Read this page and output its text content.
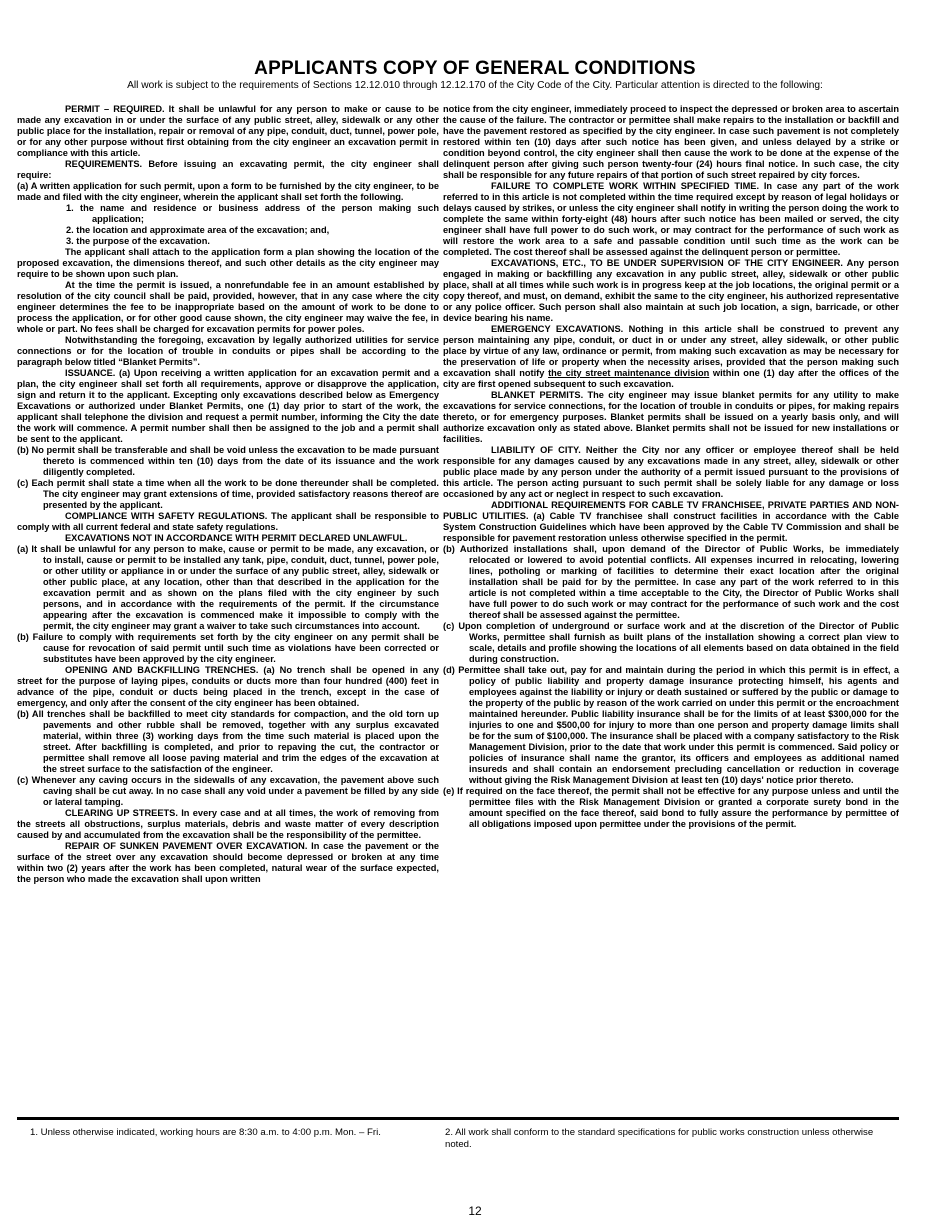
APPLICANTS COPY OF GENERAL CONDITIONS

All work is subject to the requirements of Sections 12.12.010 through 12.12.170 of the City Code of the City. Particular attention is directed to the following:

PERMIT – REQUIRED. It shall be unlawful for any person to make or cause to be made any excavation in or under the surface of any public street, alley, sidewalk or any other public place for the installation, repair or removal of any pipe, conduit, duct, tunnel, power pole, or for any other purpose without first obtaining from the city engineer an excavation permit in compliance with this article.

REQUIREMENTS. Before issuing an excavating permit, the city engineer shall require:

(a) A written application for such permit, upon a form to be furnished by the city engineer, to be made and filed with the city engineer, wherein the applicant shall set forth the following.

1. the name and residence or business address of the person making such application;

2. the location and approximate area of the excavation; and,

3. the purpose of the excavation.

The applicant shall attach to the application form a plan showing the location of the proposed excavation, the dimensions thereof, and such other details as the city engineer may require to be shown upon such plan.

At the time the permit is issued, a nonrefundable fee in an amount established by resolution of the city council shall be paid, provided, however, that in any case where the city engineer determines the fee to be inappropriate based on the amount of work to be done to process the application, or for other good cause shown, the city engineer may waive the fee, in whole or part. No fees shall be charged for excavation permits for power poles.

Notwithstanding the foregoing, excavation by legally authorized utilities for service connections or for the location of trouble in conduits or pipes shall be according to the paragraph below titled “Blanket Permits”.

ISSUANCE. (a) Upon receiving a written application for an excavation permit and a plan, the city engineer shall set forth all requirements, approve or disapprove the application, sign and return it to the applicant. Excepting only excavations described below as Emergency Excavations or authorized under Blanket Permits, one (1) day prior to start of the work, the applicant shall telephone the division and request a permit number, informing the City the date the work will commence. A permit number shall then be assigned to the job and a permit shall be sent to the applicant.

(b) No permit shall be transferable and shall be void unless the excavation to be made pursuant thereto is commenced within ten (10) days from the date of its issuance and the work diligently completed.

(c) Each permit shall state a time when all the work to be done thereunder shall be completed. The city engineer may grant extensions of time, provided satisfactory reasons thereof are presented by the applicant.

COMPLIANCE WITH SAFETY REGULATIONS. The applicant shall be responsible to comply with all current federal and state safety regulations.

EXCAVATIONS NOT IN ACCORDANCE WITH PERMIT DECLARED UNLAWFUL.

(a) It shall be unlawful for any person to make, cause or permit to be made, any excavation, or to install, cause or permit to be installed any tank, pipe, conduit, duct, tunnel, power pole, or other utility or appliance in or under the surface of any public street, alley, sidewalk or other public place, at any location, other than that described in the application for the excavation permit and as shown on the plans filed with the city engineer by such persons, and in accordance with the requirements of the permit. If the circumstance appearing after the excavation is commenced make it impossible to comply with the permit, the city engineer may grant a waiver to take such circumstances into account.

(b) Failure to comply with requirements set forth by the city engineer on any permit shall be cause for revocation of said permit until such time as violations have been corrected or substitutes have been approved by the city engineer.

OPENING AND BACKFILLING TRENCHES. (a) No trench shall be opened in any street for the purpose of laying pipes, conduits or ducts more than four hundred (400) feet in advance of the pipe, conduit or ducts being placed in the trench, except in the case of emergency, and only after the consent of the city engineer has been obtained.

(b) All trenches shall be backfilled to meet city standards for compaction, and the old torn up pavements and other rubble shall be removed, together with any surplus excavated material, within three (3) working days from the time such material is placed upon the street. After backfilling is completed, and prior to repaving the cut, the contractor or permittee shall remove all loose paving material and trim the edges of the excavation at the street surface to the satisfaction of the engineer.

(c) Whenever any caving occurs in the sidewalls of any excavation, the pavement above such caving shall be cut away. In no case shall any void under a pavement be filled by any side or lateral tamping.

CLEARING UP STREETS. In every case and at all times, the work of removing from the streets all obstructions, surplus materials, debris and waste matter of every description caused by and accumulated from the excavation shall be the responsibility of the permittee.

REPAIR OF SUNKEN PAVEMENT OVER EXCAVATION. In case the pavement or the surface of the street over any excavation should become depressed or broken at any time within two (2) years after the work has been completed, natural wear of the surface expected, the person who made the excavation shall upon written

notice from the city engineer, immediately proceed to inspect the depressed or broken area to ascertain the cause of the failure. The contractor or permittee shall make repairs to the installation or backfill and have the pavement restored as specified by the city engineer. In case such pavement is not completely restored within ten (10) days after such notice has been given, and unless delayed by a strike or condition beyond control, the city engineer shall then cause the work to be done at the expense of the delinquent person after giving such person twenty-four (24) hours final notice. In such case, the city shall be responsible for any future repairs of that portion of such street repaired by city forces.

FAILURE TO COMPLETE WORK WITHIN SPECIFIED TIME. In case any part of the work referred to in this article is not completed within the time required except by reason of legal holidays or delays caused by strikes, or unless the city engineer shall notify in writing the person doing the work to complete the same within forty-eight (48) hours after such notice has been mailed or served, the city engineer shall have full power to do such work, or may contract for the performance of such work as will restore the work area to a safe and passable condition until such time as the work can be completed. The cost thereof shall be assessed against the delinquent person or permittee.

EXCAVATIONS, ETC., TO BE UNDER SUPERVISION OF THE CITY ENGINEER. Any person engaged in making or backfilling any excavation in any public street, alley, sidewalk or other public place, shall at all times while such work is in progress keep at the job locations, the original permit or a copy thereof, and must, on demand, exhibit the same to the city engineer, his authorized representative or any police officer. Such person shall also maintain at such job location, a sign, barricade, or other device bearing his name.

EMERGENCY EXCAVATIONS. Nothing in this article shall be construed to prevent any person maintaining any pipe, conduit, or duct in or under any street, alley sidewalk, or other public place by virtue of any law, ordinance or permit, from making such excavation as may be necessary for the preservation of life or property when the necessity arises, provided that the person making such excavation shall notify the city street maintenance division within one (1) day after the offices of the city are first opened subsequent to such excavation.

BLANKET PERMITS. The city engineer may issue blanket permits for any utility to make excavations for service connections, for the location of trouble in conduits or pipes, for making repairs thereto, or for emergency purposes. Blanket permits shall be issued on a yearly basis only, and will authorize excavation only as stated above. Blanket permits shall not be issued for new installations or facilities.

LIABILITY OF CITY. Neither the City nor any officer or employee thereof shall be held responsible for any damages caused by any excavations made in any street, alley, sidewalk or other public place made by any person under the authority of a permit issued pursuant to the provisions of this article. The person acting pursuant to such permit shall be solely liable for any damage or loss occasioned by any act or neglect in respect to such excavation.

ADDITIONAL REQUIREMENTS FOR CABLE TV FRANCHISEE, PRIVATE PARTIES AND NON-PUBLIC UTILITIES. (a) Cable TV franchisee shall construct facilities in accordance with the Cable System Construction Guidelines which have been approved by the Cable TV Commission and shall be responsible for pavement restoration unless otherwise specified in the permit.

(b) Authorized installations shall, upon demand of the Director of Public Works, be immediately relocated or lowered to avoid potential conflicts. All expenses incurred in relocating, lowering lines, potholing or marking of facilities to determine their exact location after the original installation shall be paid for by the permittee. In case any part of the work referred to in this article is not completed within a time acceptable to the City, the Director of Public Works shall have full power to do such work or may contract for the performance of such work and the cost thereof shall be assessed against the permittee.

(c) Upon completion of underground or surface work and at the discretion of the Director of Public Works, permittee shall furnish as built plans of the installation showing a correct plan view to scale, details and profile showing the locations of all elements based on data obtained in the field during construction.

(d) Permittee shall take out, pay for and maintain during the period in which this permit is in effect, a policy of public liability and property damage insurance protecting himself, his agents and employees against the liability or injury or death sustained or suffered by the public or damage to the property of the public by reason of the work carried on under this permit or the encroachment maintained hereunder. Public liability insurance shall be for the limits of at least $300,000 for the injuries to one and $500,00 for injury to more than one person and property damage limits shall be for the sum of $100,000. The insurance shall be placed with a company satisfactory to the Risk Management Division, prior to the date that work under this permit is commenced. Said policy or policies of insurance shall name the grantor, its officers and employees as additional named insureds and shall contain an endorsement precluding cancellation or reduction in coverage without giving the Risk Management Division at least ten (10) days' notice prior thereto.

(e) If required on the face thereof, the permit shall not be effective for any purpose unless and until the permittee files with the Risk Management Division or granted a corporate surety bond in the amount specified on the face thereof, said bond to fully assure the performance by permittee of all obligations imposed upon permittee under the provisions of the permit.

1. Unless otherwise indicated, working hours are 8:30 a.m. to 4:00 p.m. Mon. – Fri.	2. All work shall conform to the standard specifications for public works construction unless otherwise noted.

12
